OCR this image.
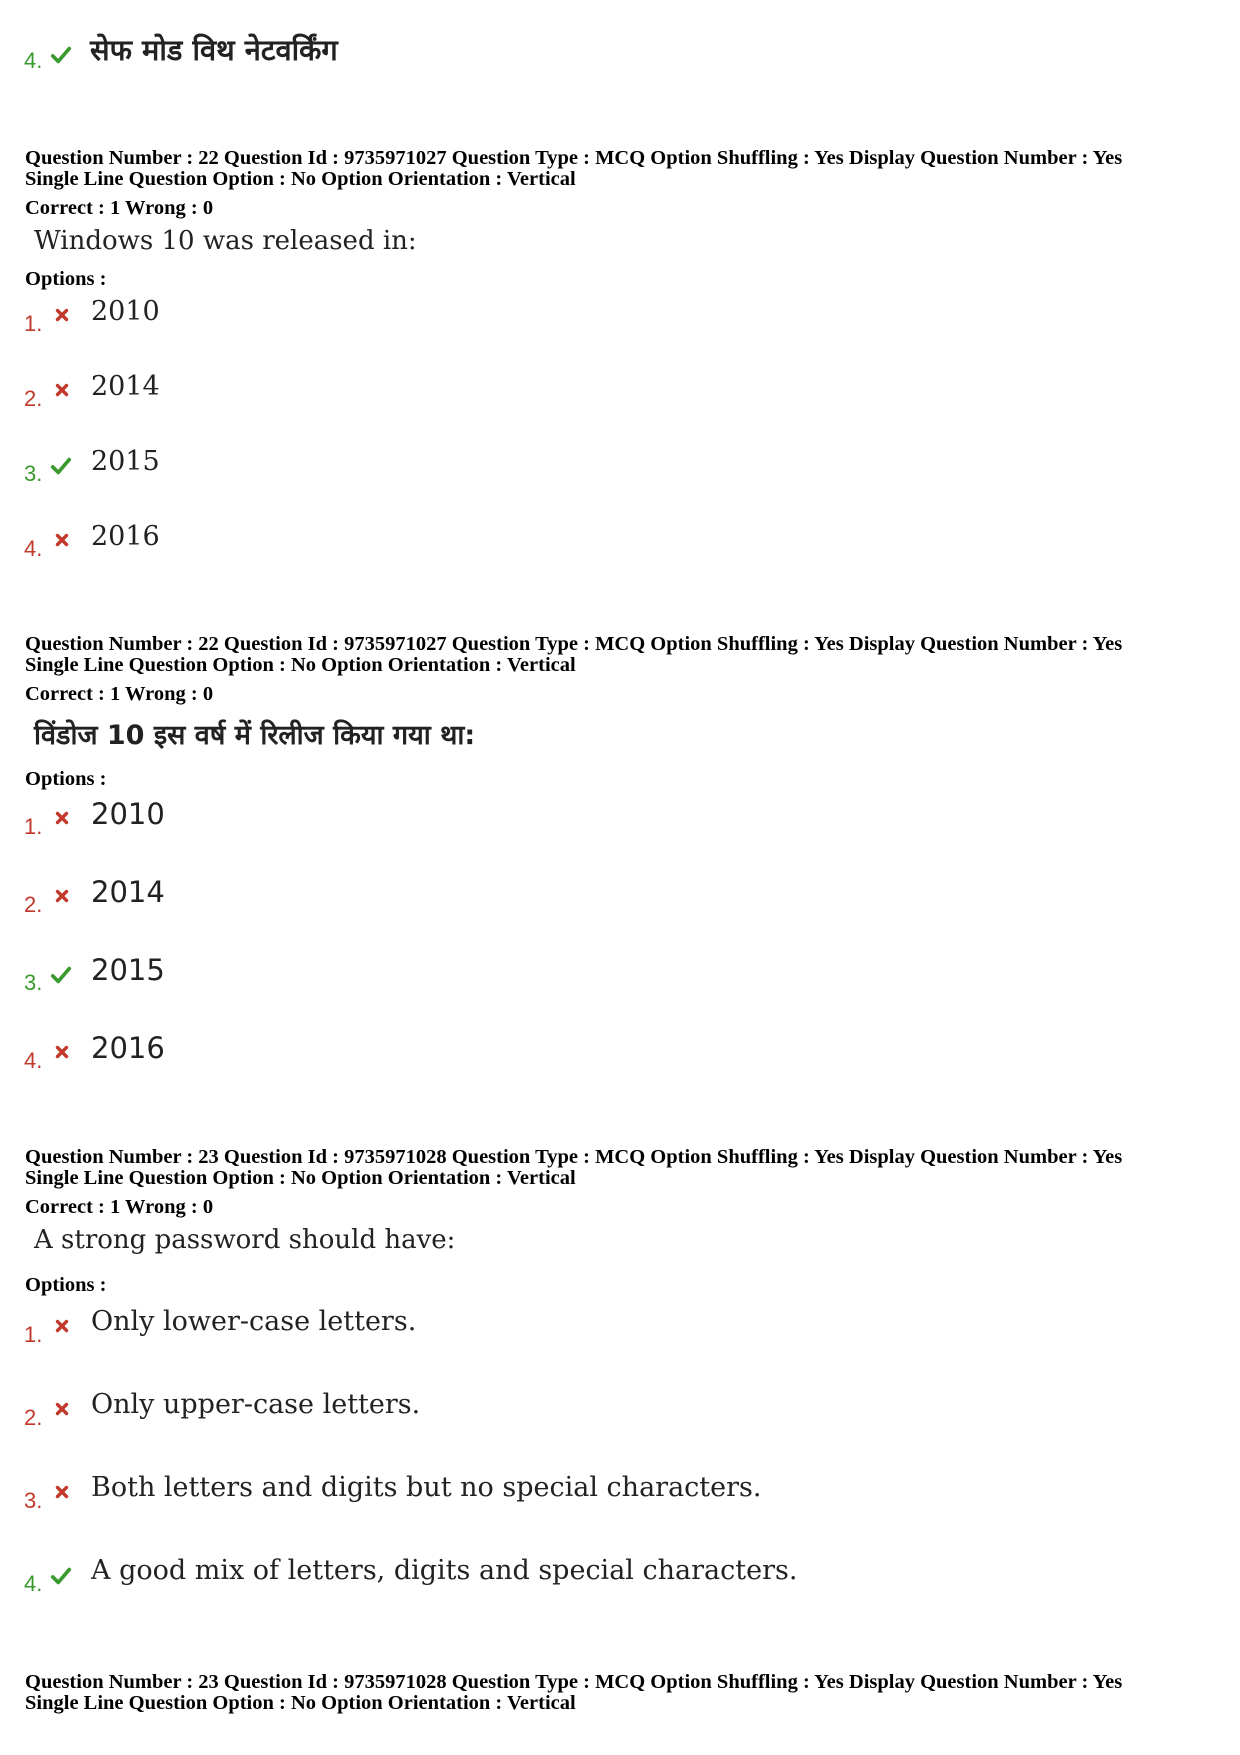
4. सेफ मोड विथ नेटवर्किंग
Question Number : 22 Question Id : 9735971027 Question Type : MCQ Option Shuffling : Yes Display Question Number : Yes
Single Line Question Option : No Option Orientation : Vertical
Correct : 1 Wrong : 0
Windows 10 was released in:
Options :
1. 2010
2. 2014
3. 2015
4. 2016
Question Number : 22 Question Id : 9735971027 Question Type : MCQ Option Shuffling : Yes Display Question Number : Yes
Single Line Question Option : No Option Orientation : Vertical
Correct : 1 Wrong : 0
विंडोज 10 इस वर्ष में रिलीज किया गया था:
Options :
1. 2010
2. 2014
3. 2015
4. 2016
Question Number : 23 Question Id : 9735971028 Question Type : MCQ Option Shuffling : Yes Display Question Number : Yes
Single Line Question Option : No Option Orientation : Vertical
Correct : 1 Wrong : 0
A strong password should have:
Options :
1. Only lower-case letters.
2. Only upper-case letters.
3. Both letters and digits but no special characters.
4. A good mix of letters, digits and special characters.
Question Number : 23 Question Id : 9735971028 Question Type : MCQ Option Shuffling : Yes Display Question Number : Yes
Single Line Question Option : No Option Orientation : Vertical
